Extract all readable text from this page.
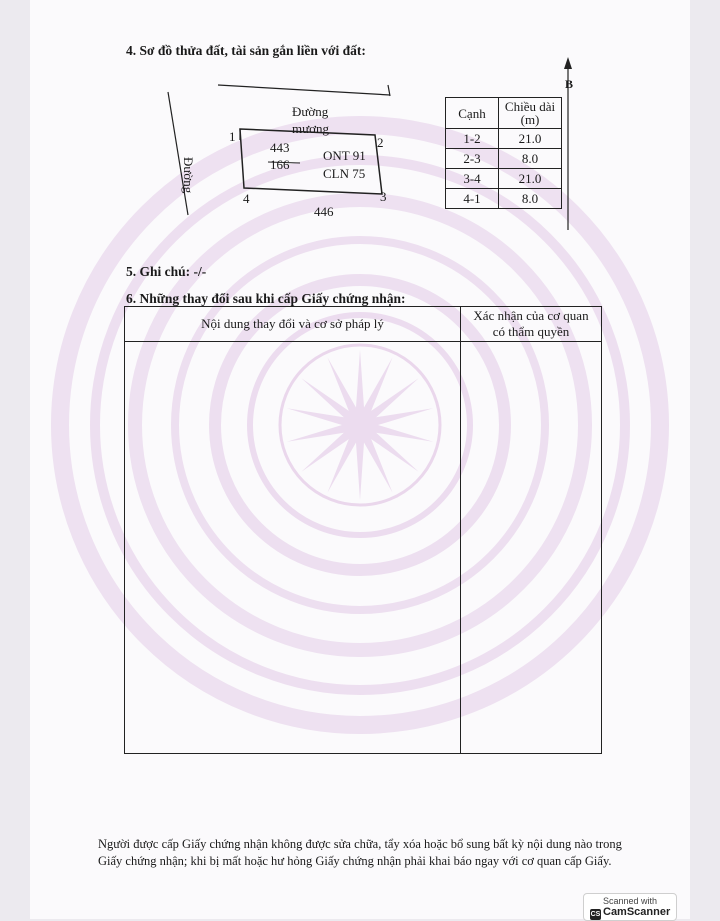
4. Sơ đồ thửa đất, tài sản gắn liền với đất:
Đường
mương
Đường
1	2
3
4
443
166
ONT 91
CLN 75
446
B
Cạnh	Chiều dài
(m)
1-2	21.0
2-3	8.0
3-4	21.0
4-1	8.0
5. Ghi chú: -/-
6. Những thay đổi sau khi cấp Giấy chứng nhận:
Nội dung thay đổi và cơ sở pháp lý
Xác nhận của cơ quan
có thẩm quyền
Người được cấp Giấy chứng nhận không được sửa chữa, tẩy xóa hoặc bổ sung bất kỳ nội dung nào trong
Giấy chứng nhận; khi bị mất hoặc hư hỏng Giấy chứng nhận phải khai báo ngay với cơ quan cấp Giấy.
Scanned with
CS CamScanner
